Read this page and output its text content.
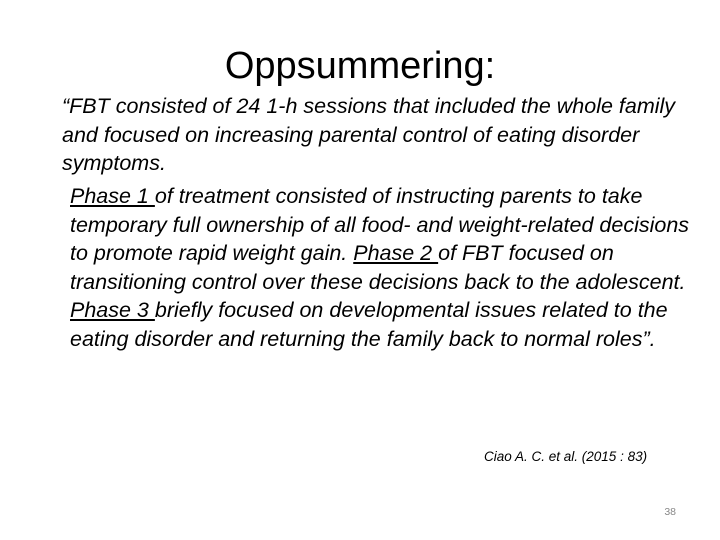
Oppsummering:

“FBT consisted of 24 1-h sessions that included the whole family and focused on increasing parental control of eating disorder symptoms.

Phase 1 of treatment consisted of instructing parents to take temporary full ownership of all food- and weight-related decisions to promote rapid weight gain. Phase 2 of FBT focused on transitioning control over these decisions back to the adolescent. Phase 3 briefly focused on developmental issues related to the eating disorder and returning the family back to normal roles”.

Ciao A. C. et al. (2015 : 83)

38
